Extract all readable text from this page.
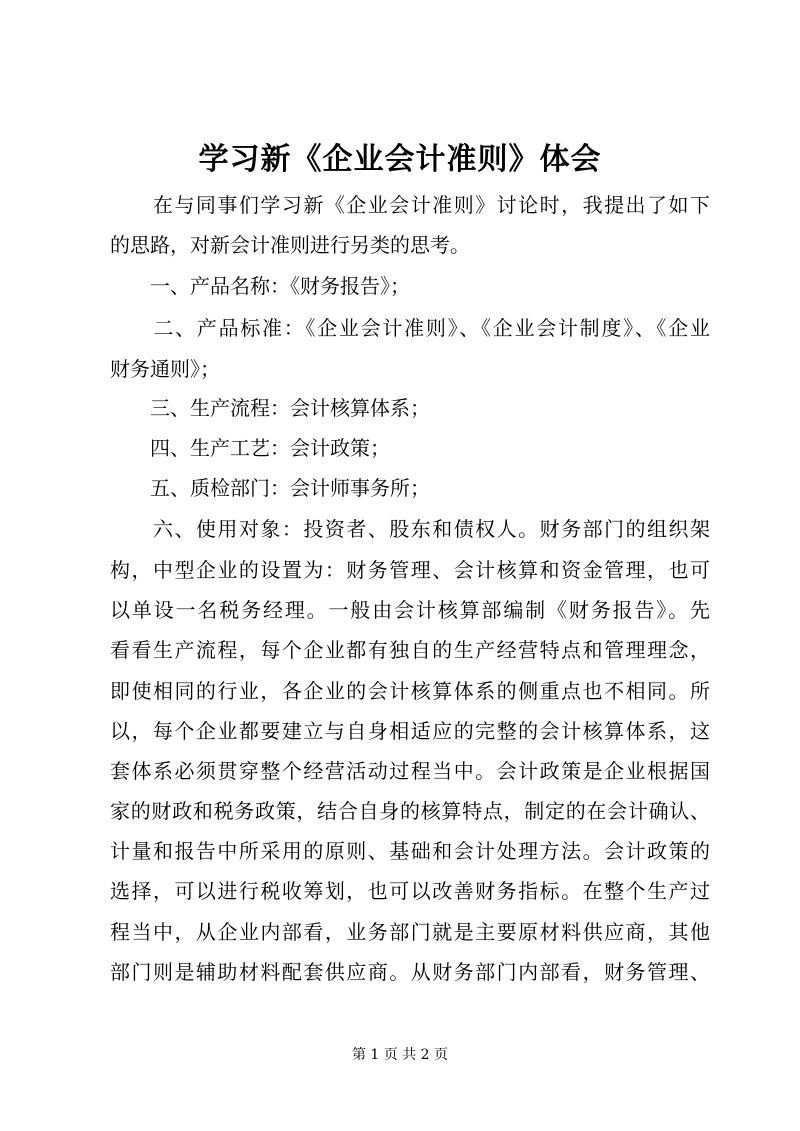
学习新《企业会计准则》体会
　　在与同事们学习新《企业会计准则》讨论时，我提出了如下
的思路，对新会计准则进行另类的思考。
　　一、产品名称：《财务报告》；
　　二、产品标准：《企业会计准则》、《企业会计制度》、《企业
财务通则》；
　　三、生产流程：会计核算体系；
　　四、生产工艺：会计政策；
　　五、质检部门：会计师事务所；
　　六、使用对象：投资者、股东和债权人。财务部门的组织架
构，中型企业的设置为：财务管理、会计核算和资金管理，也可
以单设一名税务经理。一般由会计核算部编制《财务报告》。先
看看生产流程，每个企业都有独自的生产经营特点和管理理念，
即使相同的行业，各企业的会计核算体系的侧重点也不相同。所
以，每个企业都要建立与自身相适应的完整的会计核算体系，这
套体系必须贯穿整个经营活动过程当中。会计政策是企业根据国
家的财政和税务政策，结合自身的核算特点，制定的在会计确认、
计量和报告中所采用的原则、基础和会计处理方法。会计政策的
选择，可以进行税收筹划，也可以改善财务指标。在整个生产过
程当中，从企业内部看，业务部门就是主要原材料供应商，其他
部门则是辅助材料配套供应商。从财务部门内部看，财务管理、
第 1 页 共 2 页
